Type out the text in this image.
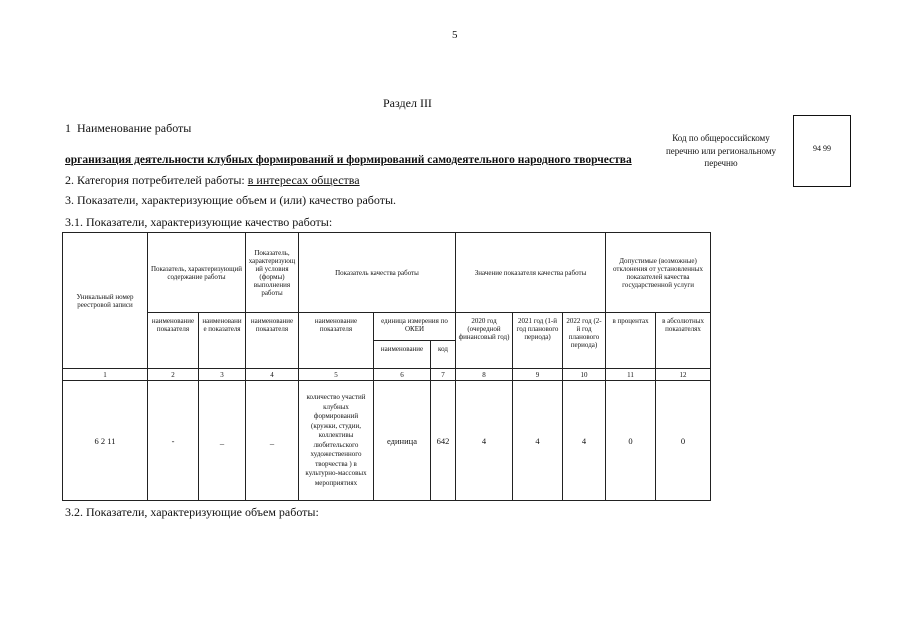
5
Раздел III
1  Наименование работы
организация деятельности клубных формирований и формирований самодеятельного народного творчества
Код по общероссийскому перечню или региональному перечню
94 99
2. Категория потребителей работы: в интересах общества
3. Показатели, характеризующие объем и (или) качество работы.
3.1. Показатели, характеризующие качество работы:
Уникальный номер реестровой записи	Показатель, характеризующий содержание работы		Показатель, характеризующий условия (формы) выполнения работы	Показатель качества работы			Значение показателя качества работы			Допустимые (возможные) отклонения от установленных показателей качества государственной услуги	
	наименование показателя	наименование показателя	наименование показателя	наименование показателя	единица измерения по ОКЕИ		2020 год (очередной финансовый год)	2021 год (1-й год планового периода)	2022 год (2-й год планового периода)	в процентах	в абсолютных показателях
					наименование	код					
1	2	3	4	5	6	7	8	9	10	11	12
6 2 11	-	_	_	количество участий клубных формирований (кружки, студии, коллективы любительского художественного творчества ) в культурно-массовых мероприятиях	единица	642	4	4	4	0	0
3.2. Показатели, характеризующие объем работы:
